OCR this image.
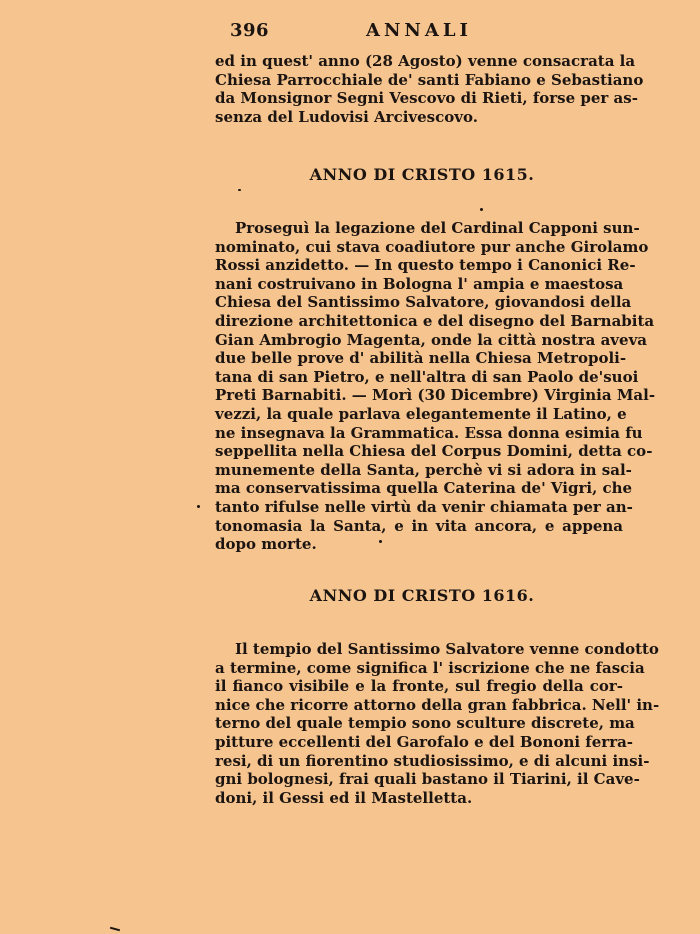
396	ANNALI
ed in quest' anno (28 Agosto) venne consacrata la
Chiesa Parrocchiale de' santi Fabiano e Sebastiano
da Monsignor Segni Vescovo di Rieti, forse per as-
senza del Ludovisi Arcivescovo.
ANNO DI CRISTO 1615.
Proseguì la legazione del Cardinal Capponi sun-
nominato, cui stava coadiutore pur anche Girolamo
Rossi anzidetto. — In questo tempo i Canonici Re-
nani costruivano in Bologna l' ampia e maestosa
Chiesa del Santissimo Salvatore, giovandosi della
direzione architettonica e del disegno del Barnabita
Gian Ambrogio Magenta, onde la città nostra aveva
due belle prove d' abilità nella Chiesa Metropoli-
tana di san Pietro, e nell'altra di san Paolo de'suoi
Preti Barnabiti. — Morì (30 Dicembre) Virginia Mal-
vezzi, la quale parlava elegantemente il Latino, e
ne insegnava la Grammatica. Essa donna esimia fu
seppellita nella Chiesa del Corpus Domini, detta co-
munemente della Santa, perchè vi si adora in sal-
ma conservatissima quella Caterina de' Vigri, che
tanto rifulse nelle virtù da venir chiamata per an-
tonomasia la Santa, e in vita ancora, e appena
dopo morte.
ANNO DI CRISTO 1616.
Il tempio del Santissimo Salvatore venne condotto
a termine, come significa l' iscrizione che ne fascia
il fianco visibile e la fronte, sul fregio della cor-
nice che ricorre attorno della gran fabbrica. Nell' in-
terno del quale tempio sono sculture discrete, ma
pitture eccellenti del Garofalo e del Bononi ferra-
resi, di un fiorentino studiosissimo, e di alcuni insi-
gni bolognesi, frai quali bastano il Tiarini, il Cave-
doni, il Gessi ed il Mastelletta.
